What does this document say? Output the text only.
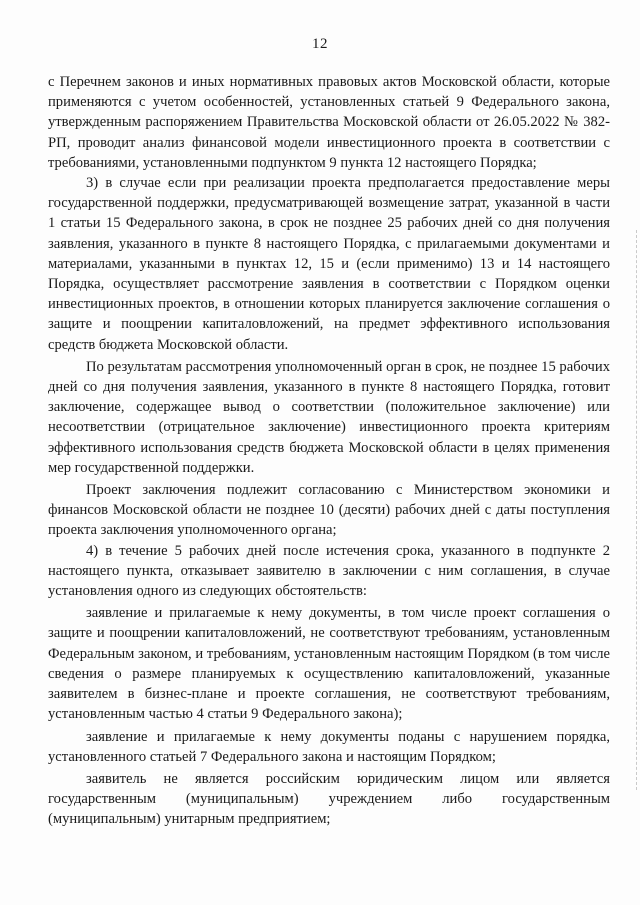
12

с Перечнем законов и иных нормативных правовых актов Московской области, которые применяются с учетом особенностей, установленных статьей 9 Федерального закона, утвержденным распоряжением Правительства Московской области от 26.05.2022 № 382-РП, проводит анализ финансовой модели инвестиционного проекта в соответствии с требованиями, установленными подпунктом 9 пункта 12 настоящего Порядка;

3) в случае если при реализации проекта предполагается предоставление меры государственной поддержки, предусматривающей возмещение затрат, указанной в части 1 статьи 15 Федерального закона, в срок не позднее 25 рабочих дней со дня получения заявления, указанного в пункте 8 настоящего Порядка, с прилагаемыми документами и материалами, указанными в пунктах 12, 15 и (если применимо) 13 и 14 настоящего Порядка, осуществляет рассмотрение заявления в соответствии с Порядком оценки инвестиционных проектов, в отношении которых планируется заключение соглашения о защите и поощрении капиталовложений, на предмет эффективного использования средств бюджета Московской области.

По результатам рассмотрения уполномоченный орган в срок, не позднее 15 рабочих дней со дня получения заявления, указанного в пункте 8 настоящего Порядка, готовит заключение, содержащее вывод о соответствии (положительное заключение) или несоответствии (отрицательное заключение) инвестиционного проекта критериям эффективного использования средств бюджета Московской области в целях применения мер государственной поддержки.

Проект заключения подлежит согласованию с Министерством экономики и финансов Московской области не позднее 10 (десяти) рабочих дней с даты поступления проекта заключения уполномоченного органа;

4) в течение 5 рабочих дней после истечения срока, указанного в подпункте 2 настоящего пункта, отказывает заявителю в заключении с ним соглашения, в случае установления одного из следующих обстоятельств:

заявление и прилагаемые к нему документы, в том числе проект соглашения о защите и поощрении капиталовложений, не соответствуют требованиям, установленным Федеральным законом, и требованиям, установленным настоящим Порядком (в том числе сведения о размере планируемых к осуществлению капиталовложений, указанные заявителем в бизнес-плане и проекте соглашения, не соответствуют требованиям, установленным частью 4 статьи 9 Федерального закона);

заявление и прилагаемые к нему документы поданы с нарушением порядка, установленного статьей 7 Федерального закона и настоящим Порядком;

заявитель не является российским юридическим лицом или является государственным (муниципальным) учреждением либо государственным (муниципальным) унитарным предприятием;
